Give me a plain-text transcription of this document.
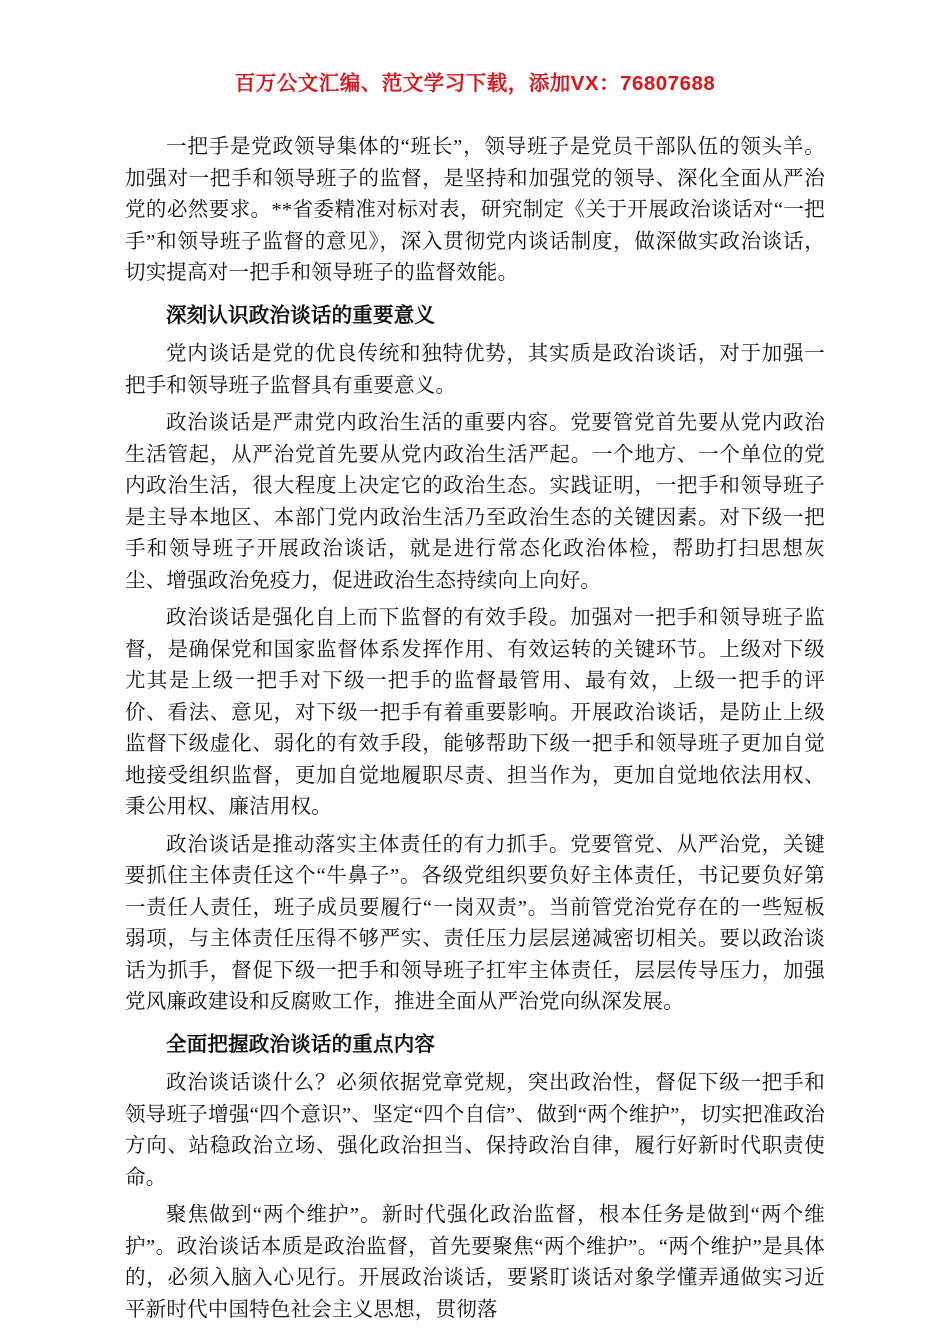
百万公文汇编、范文学习下载，添加VX：76807688

一把手是党政领导集体的“班长”，领导班子是党员干部队伍的领头羊。加强对一把手和领导班子的监督，是坚持和加强党的领导、深化全面从严治党的必然要求。**省委精准对标对表，研究制定《关于开展政治谈话对“一把手”和领导班子监督的意见》，深入贯彻党内谈话制度，做深做实政治谈话，切实提高对一把手和领导班子的监督效能。

深刻认识政治谈话的重要意义

党内谈话是党的优良传统和独特优势，其实质是政治谈话，对于加强一把手和领导班子监督具有重要意义。

政治谈话是严肃党内政治生活的重要内容。党要管党首先要从党内政治生活管起，从严治党首先要从党内政治生活严起。一个地方、一个单位的党内政治生活，很大程度上决定它的政治生态。实践证明，一把手和领导班子是主导本地区、本部门党内政治生活乃至政治生态的关键因素。对下级一把手和领导班子开展政治谈话，就是进行常态化政治体检，帮助打扫思想灰尘、增强政治免疫力，促进政治生态持续向上向好。

政治谈话是强化自上而下监督的有效手段。加强对一把手和领导班子监督，是确保党和国家监督体系发挥作用、有效运转的关键环节。上级对下级尤其是上级一把手对下级一把手的监督最管用、最有效，上级一把手的评价、看法、意见，对下级一把手有着重要影响。开展政治谈话，是防止上级监督下级虚化、弱化的有效手段，能够帮助下级一把手和领导班子更加自觉地接受组织监督，更加自觉地履职尽责、担当作为，更加自觉地依法用权、秉公用权、廉洁用权。

政治谈话是推动落实主体责任的有力抓手。党要管党、从严治党，关键要抓住主体责任这个“牛鼻子”。各级党组织要负好主体责任，书记要负好第一责任人责任，班子成员要履行“一岗双责”。当前管党治党存在的一些短板弱项，与主体责任压得不够严实、责任压力层层递减密切相关。要以政治谈话为抓手，督促下级一把手和领导班子扛牢主体责任，层层传导压力，加强党风廉政建设和反腐败工作，推进全面从严治党向纵深发展。

全面把握政治谈话的重点内容

政治谈话谈什么？必须依据党章党规，突出政治性，督促下级一把手和领导班子增强“四个意识”、坚定“四个自信”、做到“两个维护”，切实把准政治方向、站稳政治立场、强化政治担当、保持政治自律，履行好新时代职责使命。

聚焦做到“两个维护”。新时代强化政治监督，根本任务是做到“两个维护”。政治谈话本质是政治监督，首先要聚焦“两个维护”。“两个维护”是具体的，必须入脑入心见行。开展政治谈话，要紧盯谈话对象学懂弄通做实习近平新时代中国特色社会主义思想，贯彻落
